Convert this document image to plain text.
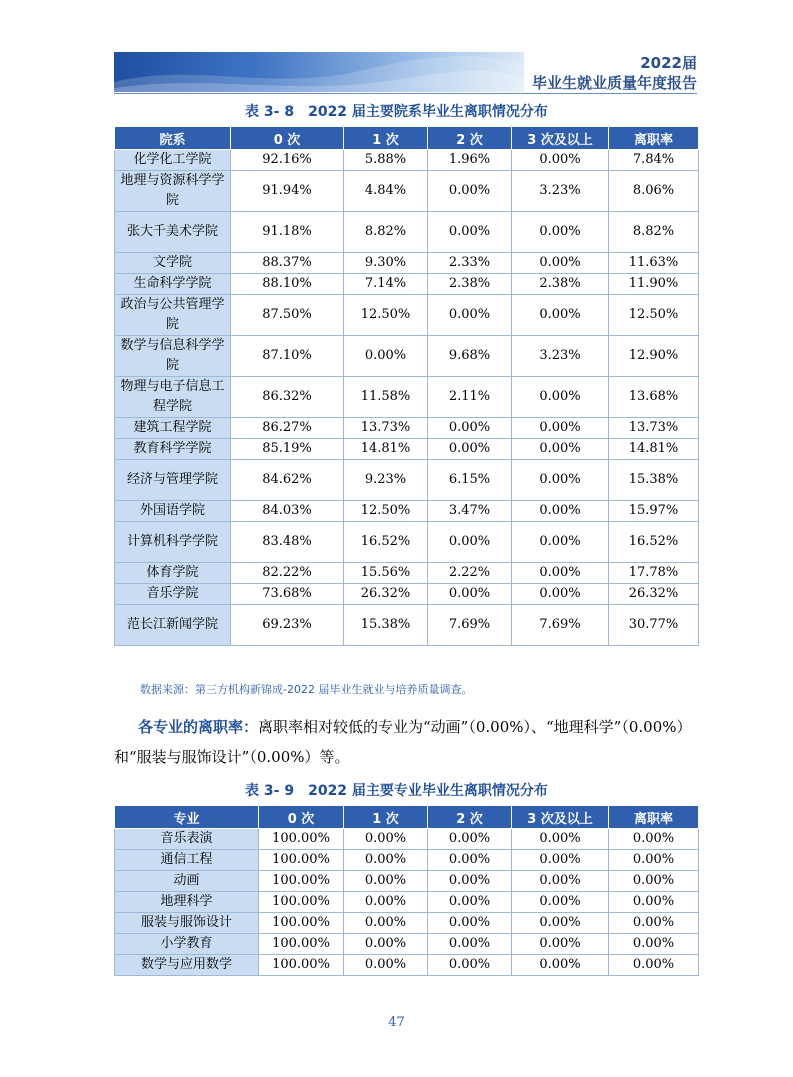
2022届
毕业生就业质量年度报告
表 3- 8　2022 届主要院系毕业生离职情况分布
院系	0 次	1 次	2 次	3 次及以上	离职率
化学化工学院	92.16%	5.88%	1.96%	0.00%	7.84%
地理与资源科学学院	91.94%	4.84%	0.00%	3.23%	8.06%
张大千美术学院	91.18%	8.82%	0.00%	0.00%	8.82%
文学院	88.37%	9.30%	2.33%	0.00%	11.63%
生命科学学院	88.10%	7.14%	2.38%	2.38%	11.90%
政治与公共管理学院	87.50%	12.50%	0.00%	0.00%	12.50%
数学与信息科学学院	87.10%	0.00%	9.68%	3.23%	12.90%
物理与电子信息工程学院	86.32%	11.58%	2.11%	0.00%	13.68%
建筑工程学院	86.27%	13.73%	0.00%	0.00%	13.73%
教育科学学院	85.19%	14.81%	0.00%	0.00%	14.81%
经济与管理学院	84.62%	9.23%	6.15%	0.00%	15.38%
外国语学院	84.03%	12.50%	3.47%	0.00%	15.97%
计算机科学学院	83.48%	16.52%	0.00%	0.00%	16.52%
体育学院	82.22%	15.56%	2.22%	0.00%	17.78%
音乐学院	73.68%	26.32%	0.00%	0.00%	26.32%
范长江新闻学院	69.23%	15.38%	7.69%	7.69%	30.77%
数据来源：第三方机构新锦成-2022 届毕业生就业与培养质量调查。
各专业的离职率：离职率相对较低的专业为“动画”（0.00%）、“地理科学”（0.00%）和“服装与服饰设计”（0.00%）等。
表 3- 9　2022 届主要专业毕业生离职情况分布
专业	0 次	1 次	2 次	3 次及以上	离职率
音乐表演	100.00%	0.00%	0.00%	0.00%	0.00%
通信工程	100.00%	0.00%	0.00%	0.00%	0.00%
动画	100.00%	0.00%	0.00%	0.00%	0.00%
地理科学	100.00%	0.00%	0.00%	0.00%	0.00%
服装与服饰设计	100.00%	0.00%	0.00%	0.00%	0.00%
小学教育	100.00%	0.00%	0.00%	0.00%	0.00%
数学与应用数学	100.00%	0.00%	0.00%	0.00%	0.00%
47
